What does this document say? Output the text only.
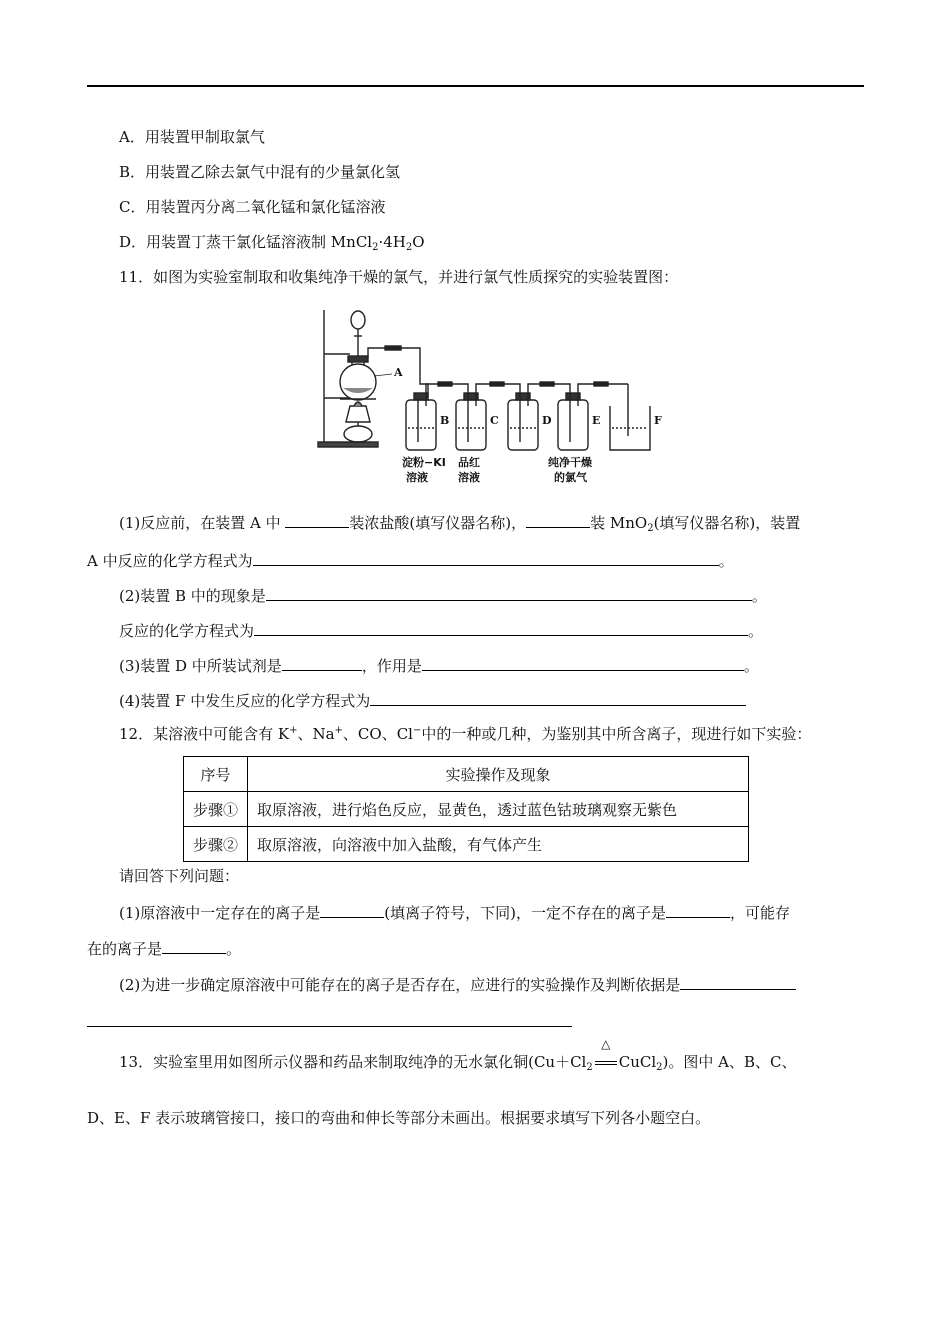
A．用装置甲制取氯气
B．用装置乙除去氯气中混有的少量氯化氢
C．用装置丙分离二氧化锰和氯化锰溶液
D．用装置丁蒸干氯化锰溶液制 $MnCl_2\cdot 4H_2O$
11．如图为实验室制取和收集纯净干燥的氯气，并进行氯气性质探究的实验装置图：
A
B	C	D	E	F
淀粉−KI
溶液
品红
溶液
纯净干燥
的氯气
(1)反应前，在装置 A 中	装浓盐酸(填写仪器名称)，	装 MnO$_2$(填写仪器名称)，装置
A 中反应的化学方程式为	。
(2)装置 B 中的现象是	。
反应的化学方程式为	。
(3)装置 D 中所装试剂是	，作用是	。
(4)装置 F 中发生反应的化学方程式为
12．某溶液中可能含有 K+、Na+、CO、Cl−中的一种或几种，为鉴别其中所含离子，现进行如下实验：
序号	实验操作及现象
步骤①	取原溶液，进行焰色反应，显黄色，透过蓝色钴玻璃观察无紫色
步骤②	取原溶液，向溶液中加入盐酸，有气体产生
请回答下列问题：
(1)原溶液中一定存在的离子是	(填离子符号，下同)，一定不存在的离子是	，可能存
在的离子是	。
(2)为进一步确定原溶液中可能存在的离子是否存在，应进行的实验操作及判断依据是
13．实验室里用如图所示仪器和药品来制取纯净的无水氯化铜($Cu+Cl_2$
△
CuCl$_2$)。图中 A、B、C、
D、E、F 表示玻璃管接口，接口的弯曲和伸长等部分未画出。根据要求填写下列各小题空白。
